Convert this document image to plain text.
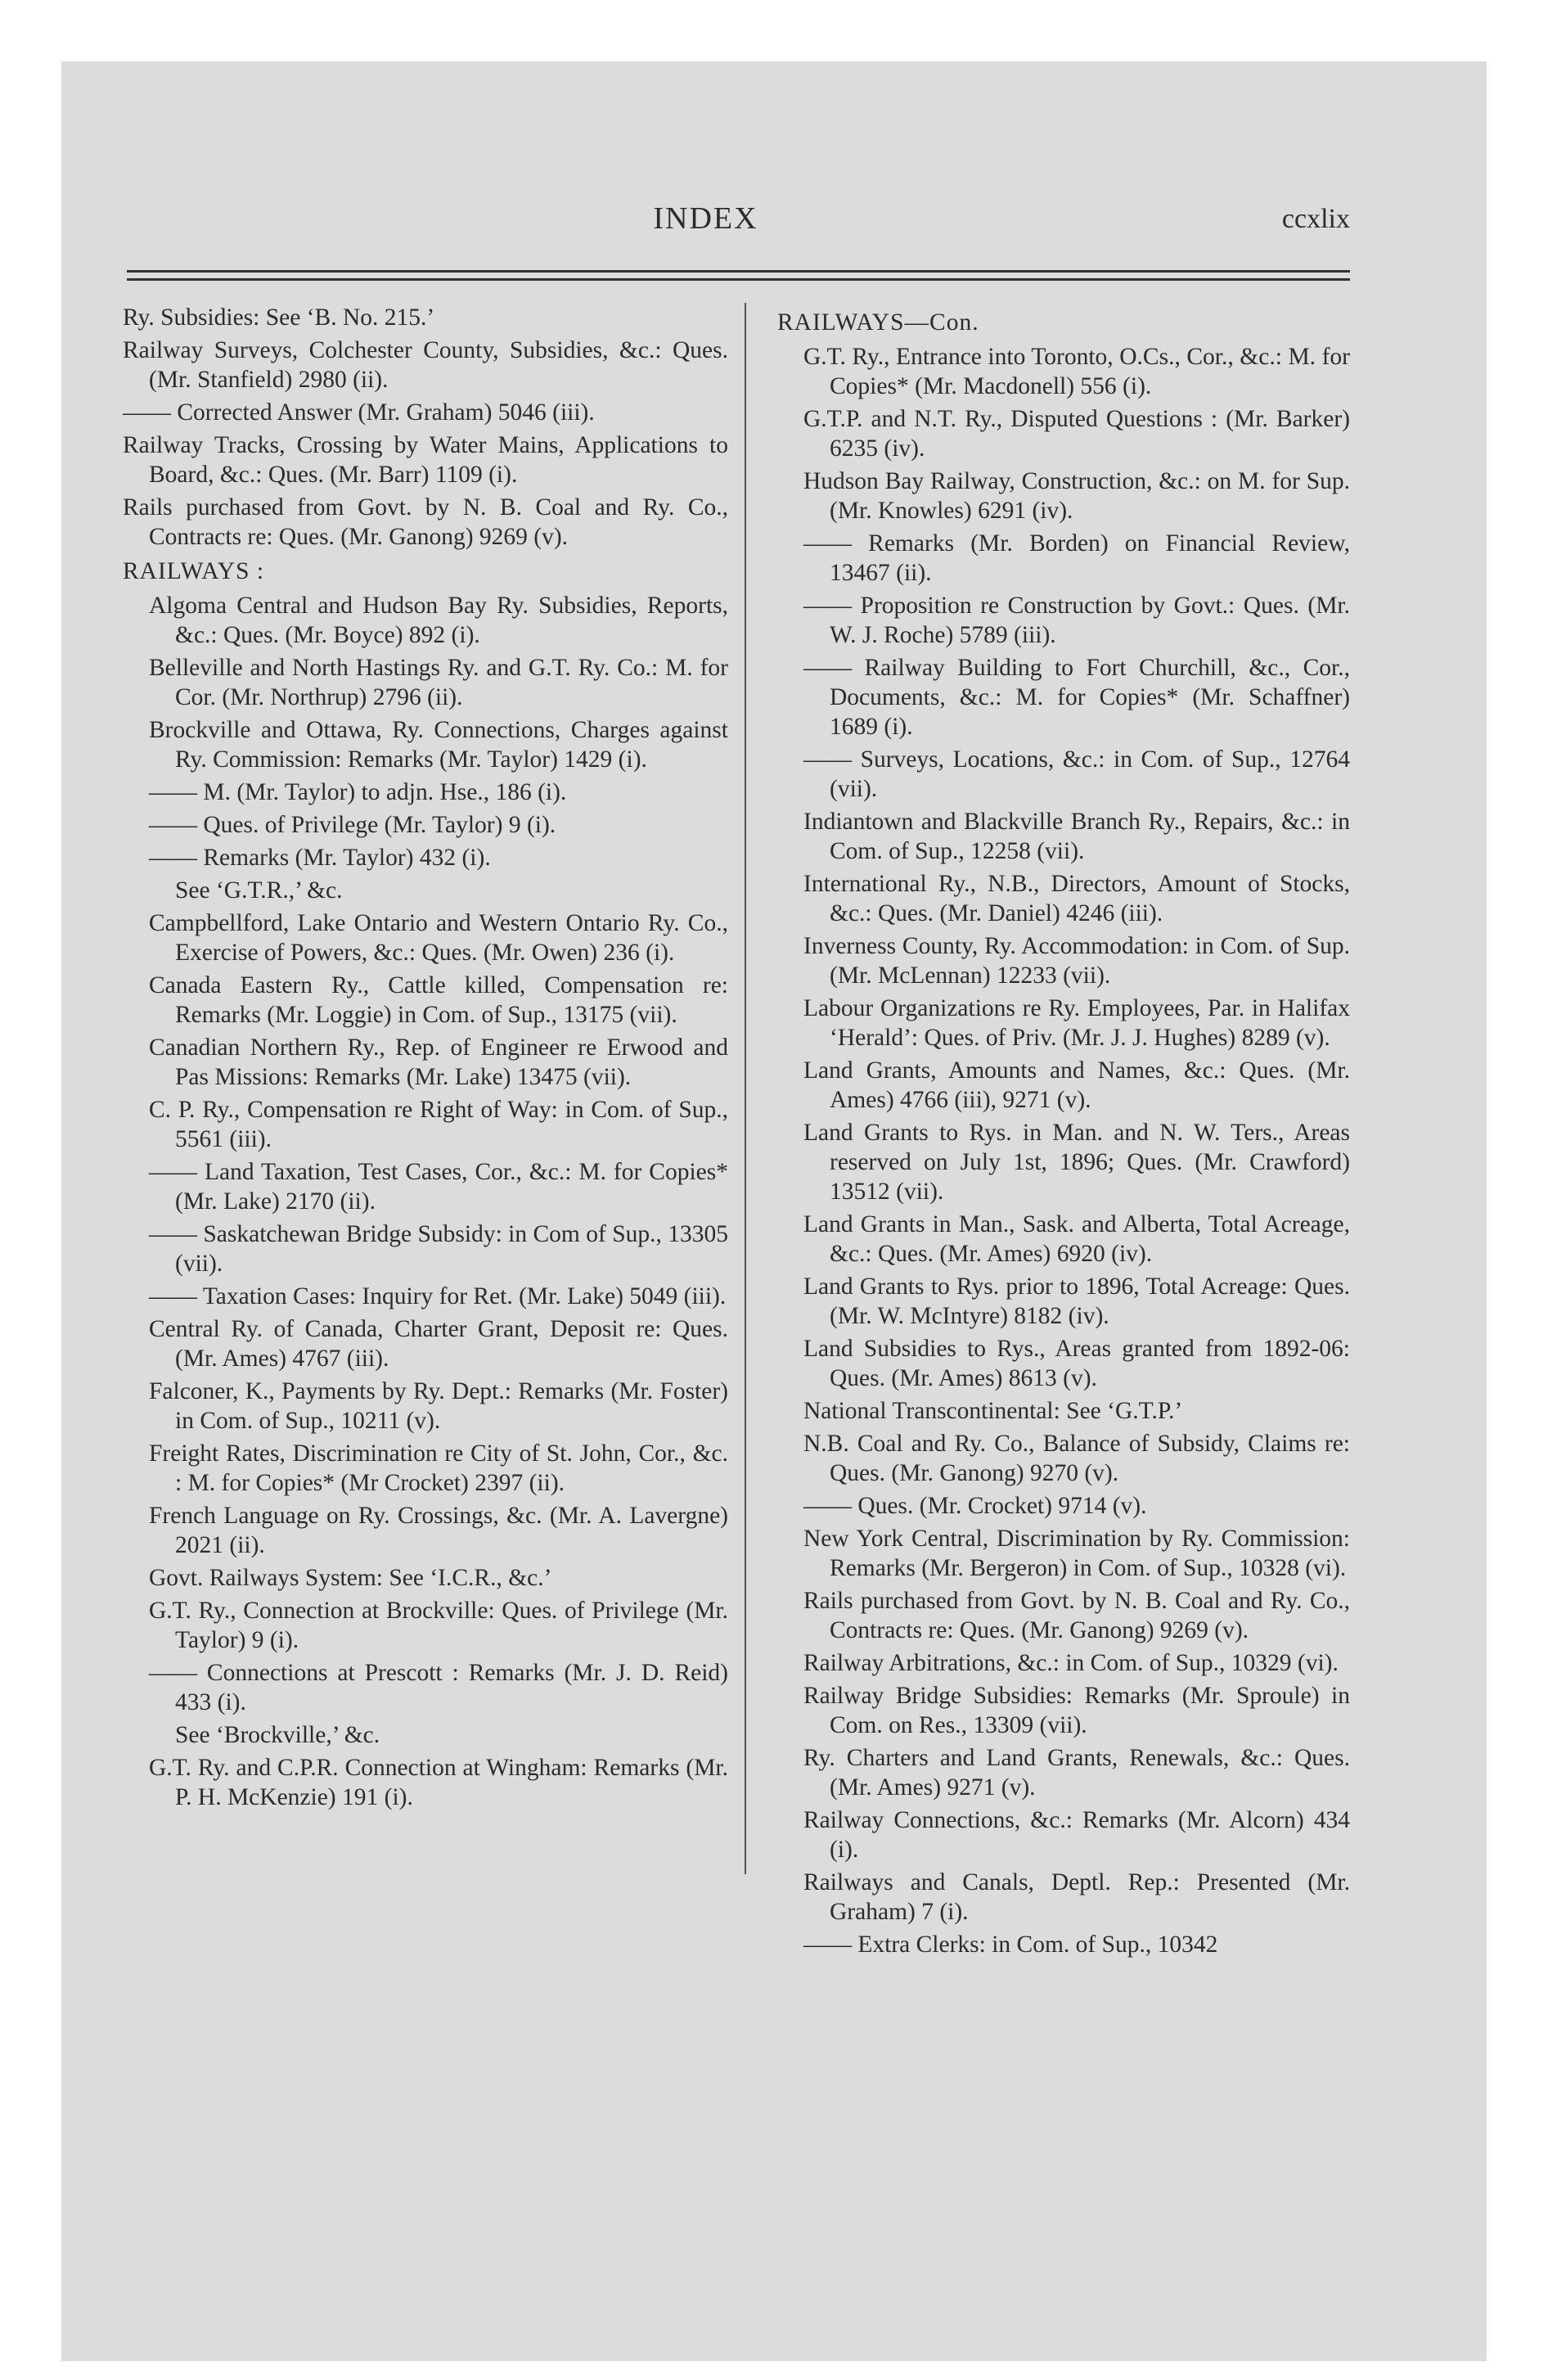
INDEX	ccxlix
Ry. Subsidies: See ‘B. No. 215.’
Railway Surveys, Colchester County, Subsidies, &c.: Ques. (Mr. Stanfield) 2980 (ii).
—— Corrected Answer (Mr. Graham) 5046 (iii).
Railway Tracks, Crossing by Water Mains, Applications to Board, &c.: Ques. (Mr. Barr) 1109 (i).
Rails purchased from Govt. by N. B. Coal and Ry. Co., Contracts re: Ques. (Mr. Ganong) 9269 (v).
RAILWAYS :
Algoma Central and Hudson Bay Ry. Subsidies, Reports, &c.: Ques. (Mr. Boyce) 892 (i).
Belleville and North Hastings Ry. and G.T. Ry. Co.: M. for Cor. (Mr. Northrup) 2796 (ii).
Brockville and Ottawa, Ry. Connections, Charges against Ry. Commission: Remarks (Mr. Taylor) 1429 (i).
—— M. (Mr. Taylor) to adjn. Hse., 186 (i).
—— Ques. of Privilege (Mr. Taylor) 9 (i).
—— Remarks (Mr. Taylor) 432 (i).
See ‘G.T.R.,’ &c.
Campbellford, Lake Ontario and Western Ontario Ry. Co., Exercise of Powers, &c.: Ques. (Mr. Owen) 236 (i).
Canada Eastern Ry., Cattle killed, Compensation re: Remarks (Mr. Loggie) in Com. of Sup., 13175 (vii).
Canadian Northern Ry., Rep. of Engineer re Erwood and Pas Missions: Remarks (Mr. Lake) 13475 (vii).
C. P. Ry., Compensation re Right of Way: in Com. of Sup., 5561 (iii).
—— Land Taxation, Test Cases, Cor., &c.: M. for Copies* (Mr. Lake) 2170 (ii).
—— Saskatchewan Bridge Subsidy: in Com of Sup., 13305 (vii).
—— Taxation Cases: Inquiry for Ret. (Mr. Lake) 5049 (iii).
Central Ry. of Canada, Charter Grant, Deposit re: Ques. (Mr. Ames) 4767 (iii).
Falconer, K., Payments by Ry. Dept.: Remarks (Mr. Foster) in Com. of Sup., 10211 (v).
Freight Rates, Discrimination re City of St. John, Cor., &c. : M. for Copies* (Mr Crocket) 2397 (ii).
French Language on Ry. Crossings, &c. (Mr. A. Lavergne) 2021 (ii).
Govt. Railways System: See ‘I.C.R., &c.’
G.T. Ry., Connection at Brockville: Ques. of Privilege (Mr. Taylor) 9 (i).
—— Connections at Prescott : Remarks (Mr. J. D. Reid) 433 (i).
See ‘Brockville,’ &c.
G.T. Ry. and C.P.R. Connection at Wingham: Remarks (Mr. P. H. McKenzie) 191 (i).
RAILWAYS—Con.
G.T. Ry., Entrance into Toronto, O.Cs., Cor., &c.: M. for Copies* (Mr. Macdonell) 556 (i).
G.T.P. and N.T. Ry., Disputed Questions : (Mr. Barker) 6235 (iv).
Hudson Bay Railway, Construction, &c.: on M. for Sup. (Mr. Knowles) 6291 (iv).
—— Remarks (Mr. Borden) on Financial Review, 13467 (ii).
—— Proposition re Construction by Govt.: Ques. (Mr. W. J. Roche) 5789 (iii).
—— Railway Building to Fort Churchill, &c., Cor., Documents, &c.: M. for Copies* (Mr. Schaffner) 1689 (i).
—— Surveys, Locations, &c.: in Com. of Sup., 12764 (vii).
Indiantown and Blackville Branch Ry., Repairs, &c.: in Com. of Sup., 12258 (vii).
International Ry., N.B., Directors, Amount of Stocks, &c.: Ques. (Mr. Daniel) 4246 (iii).
Inverness County, Ry. Accommodation: in Com. of Sup. (Mr. McLennan) 12233 (vii).
Labour Organizations re Ry. Employees, Par. in Halifax ‘Herald’: Ques. of Priv. (Mr. J. J. Hughes) 8289 (v).
Land Grants, Amounts and Names, &c.: Ques. (Mr. Ames) 4766 (iii), 9271 (v).
Land Grants to Rys. in Man. and N. W. Ters., Areas reserved on July 1st, 1896; Ques. (Mr. Crawford) 13512 (vii).
Land Grants in Man., Sask. and Alberta, Total Acreage, &c.: Ques. (Mr. Ames) 6920 (iv).
Land Grants to Rys. prior to 1896, Total Acreage: Ques. (Mr. W. McIntyre) 8182 (iv).
Land Subsidies to Rys., Areas granted from 1892-06: Ques. (Mr. Ames) 8613 (v).
National Transcontinental: See ‘G.T.P.’
N.B. Coal and Ry. Co., Balance of Subsidy, Claims re: Ques. (Mr. Ganong) 9270 (v).
—— Ques. (Mr. Crocket) 9714 (v).
New York Central, Discrimination by Ry. Commission: Remarks (Mr. Bergeron) in Com. of Sup., 10328 (vi).
Rails purchased from Govt. by N. B. Coal and Ry. Co., Contracts re: Ques. (Mr. Ganong) 9269 (v).
Railway Arbitrations, &c.: in Com. of Sup., 10329 (vi).
Railway Bridge Subsidies: Remarks (Mr. Sproule) in Com. on Res., 13309 (vii).
Ry. Charters and Land Grants, Renewals, &c.: Ques. (Mr. Ames) 9271 (v).
Railway Connections, &c.: Remarks (Mr. Alcorn) 434 (i).
Railways and Canals, Deptl. Rep.: Presented (Mr. Graham) 7 (i).
—— Extra Clerks: in Com. of Sup., 10342
